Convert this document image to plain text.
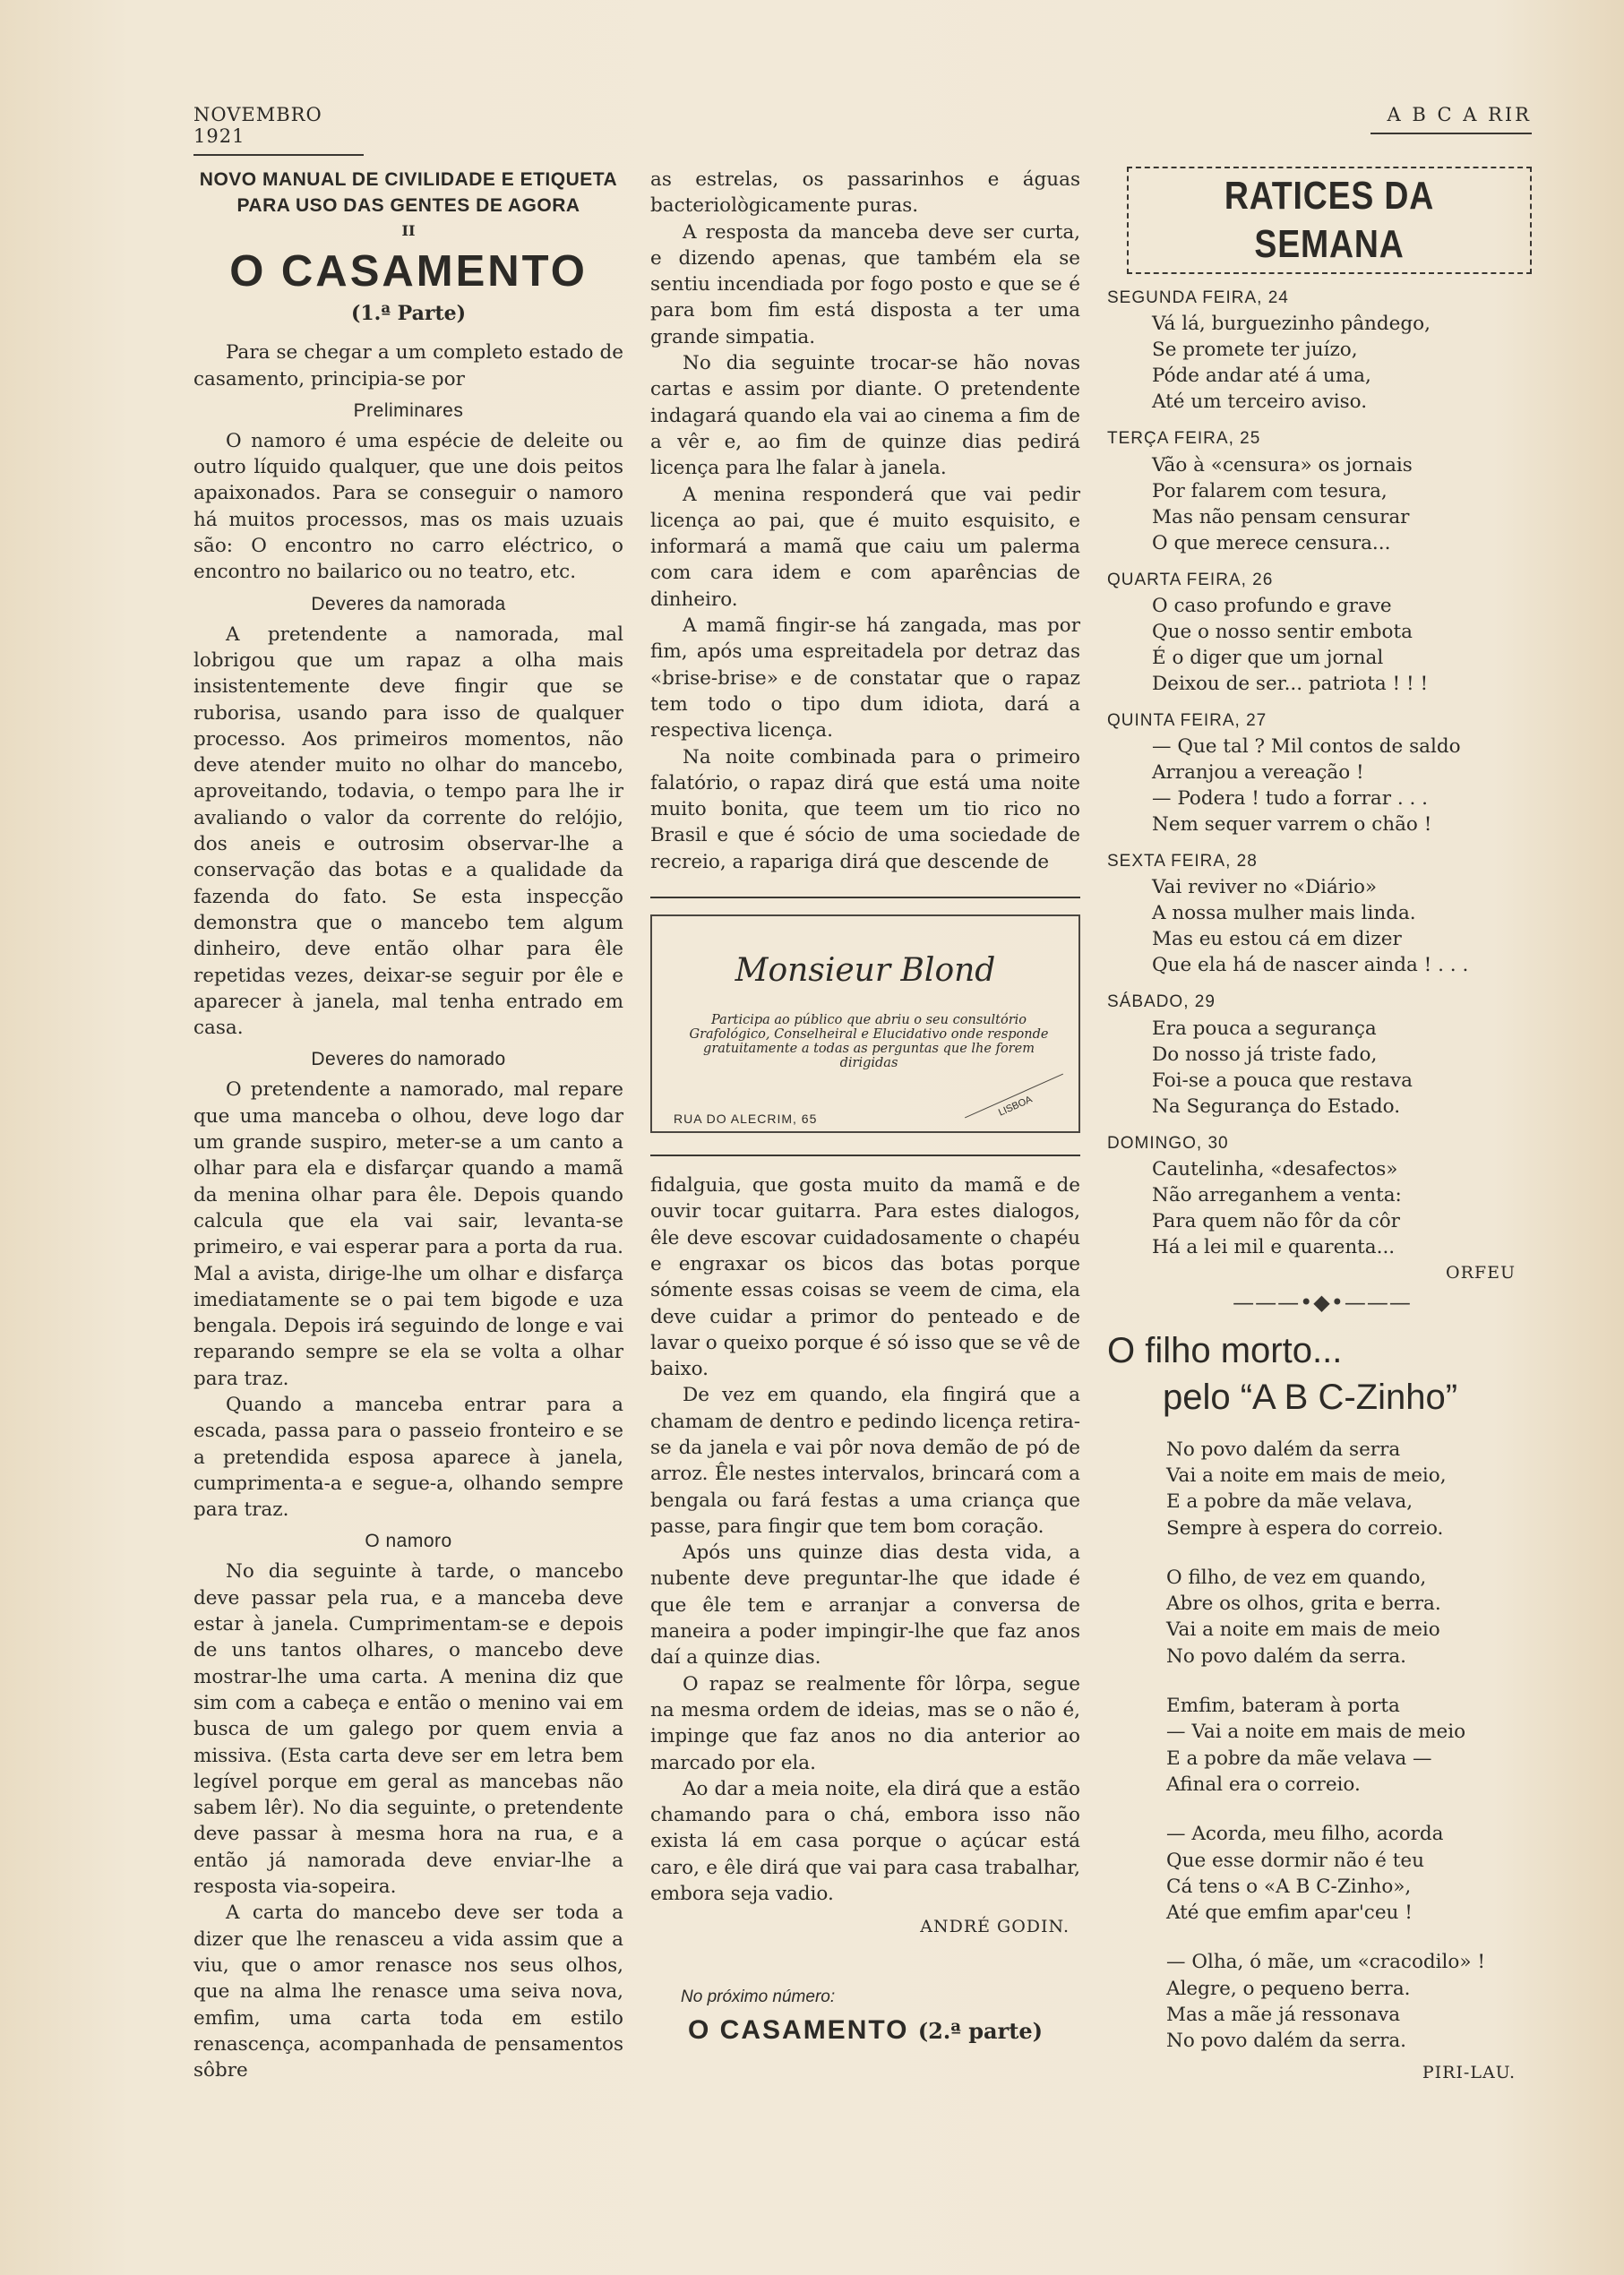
NOVEMBRO 1921
A B C A RIR
NOVO MANUAL DE CIVILIDADE E ETIQUETA
PARA USO DAS GENTES DE AGORA
II
O CASAMENTO
(1.ª Parte)

Para se chegar a um completo estado de casamento, principia-se por

Preliminares

O namoro é uma espécie de deleite ou outro líquido qualquer, que une dois peitos apaixonados. Para se conseguir o namoro há muitos processos, mas os mais uzuais são: O encontro no carro eléctrico, o encontro no bailarico ou no teatro, etc.

Deveres da namorada

A pretendente a namorada, mal lobrigou que um rapaz a olha mais insistentemente deve fingir que se ruborisa, usando para isso de qualquer processo. Aos primeiros momentos, não deve atender muito no olhar do mancebo, aproveitando, todavia, o tempo para lhe ir avaliando o valor da corrente do relójio, dos aneis e outrosim observar-lhe a conservação das botas e a qualidade da fazenda do fato. Se esta inspecção demonstra que o mancebo tem algum dinheiro, deve então olhar para êle repetidas vezes, deixar-se seguir por êle e aparecer à janela, mal tenha entrado em casa.

Deveres do namorado

O pretendente a namorado, mal repare que uma manceba o olhou, deve logo dar um grande suspiro, meter-se a um canto a olhar para ela e disfarçar quando a mamã da menina olhar para êle. Depois quando calcula que ela vai sair, levanta-se primeiro, e vai esperar para a porta da rua. Mal a avista, dirige-lhe um olhar e disfarça imediatamente se o pai tem bigode e uza bengala. Depois irá seguindo de longe e vai reparando sempre se ela se volta a olhar para traz.

Quando a manceba entrar para a escada, passa para o passeio fronteiro e se a pretendida esposa aparece à janela, cumprimenta-a e segue-a, olhando sempre para traz.

O namoro

No dia seguinte à tarde, o mancebo deve passar pela rua, e a manceba deve estar à janela. Cumprimentam-se e depois de uns tantos olhares, o mancebo deve mostrar-lhe uma carta. A menina diz que sim com a cabeça e então o menino vai em busca de um galego por quem envia a missiva. (Esta carta deve ser em letra bem legível porque em geral as mancebas não sabem lêr). No dia seguinte, o pretendente deve passar à mesma hora na rua, e a então já namorada deve enviar-lhe a resposta via-sopeira.

A carta do mancebo deve ser toda a dizer que lhe renasceu a vida assim que a viu, que o amor renasce nos seus olhos, que na alma lhe renasce uma seiva nova, emfim, uma carta toda em estilo renascença, acompanhada de pensamentos sôbre

as estrelas, os passarinhos e águas bacteriològicamente puras.

A resposta da manceba deve ser curta, e dizendo apenas, que também ela se sentiu incendiada por fogo posto e que se é para bom fim está disposta a ter uma grande simpatia.

No dia seguinte trocar-se hão novas cartas e assim por diante. O pretendente indagará quando ela vai ao cinema a fim de a vêr e, ao fim de quinze dias pedirá licença para lhe falar à janela.

A menina responderá que vai pedir licença ao pai, que é muito esquisito, e informará a mamã que caiu um palerma com cara idem e com aparências de dinheiro.

A mamã fingir-se há zangada, mas por fim, após uma espreitadela por detraz das «brise-brise» e de constatar que o rapaz tem todo o tipo dum idiota, dará a respectiva licença.

Na noite combinada para o primeiro falatório, o rapaz dirá que está uma noite muito bonita, que teem um tio rico no Brasil e que é sócio de uma sociedade de recreio, a rapariga dirá que descende de

Monsieur Blond
Participa ao público que abriu o seu consultório Grafológico, Conselheiral e Elucidativo onde responde gratuitamente a todas as perguntas que lhe forem dirigidas
RUA DO ALECRIM, 65
LISBOA

fidalguia, que gosta muito da mamã e de ouvir tocar guitarra. Para estes dialogos, êle deve escovar cuidadosamente o chapéu e engraxar os bicos das botas porque sómente essas coisas se veem de cima, ela deve cuidar a primor do penteado e de lavar o queixo porque é só isso que se vê de baixo.

De vez em quando, ela fingirá que a chamam de dentro e pedindo licença retira-se da janela e vai pôr nova demão de pó de arroz. Êle nestes intervalos, brincará com a bengala ou fará festas a uma criança que passe, para fingir que tem bom coração.

Após uns quinze dias desta vida, a nubente deve preguntar-lhe que idade é que êle tem e arranjar a conversa de maneira a poder impingir-lhe que faz anos daí a quinze dias.

O rapaz se realmente fôr lôrpa, segue na mesma ordem de ideias, mas se o não é, impinge que faz anos no dia anterior ao marcado por ela.

Ao dar a meia noite, ela dirá que a estão chamando para o chá, embora isso não exista lá em casa porque o açúcar está caro, e êle dirá que vai para casa trabalhar, embora seja vadio.

ANDRÉ GODIN.
No próximo número:
O CASAMENTO (2.ª parte)
RATICES DA SEMANA
SEGUNDA FEIRA, 24
Vá lá, burguezinho pândego,
Se promete ter juízo,
Póde andar até á uma,
Até um terceiro aviso.
TERÇA FEIRA, 25
Vão à «censura» os jornais
Por falarem com tesura,
Mas não pensam censurar
O que merece censura...
QUARTA FEIRA, 26
O caso profundo e grave
Que o nosso sentir embota
É o diger que um jornal
Deixou de ser... patriota ! ! !
QUINTA FEIRA, 27
— Que tal ? Mil contos de saldo
Arranjou a vereação !
— Podera ! tudo a forrar . . .
Nem sequer varrem o chão !
SEXTA FEIRA, 28
Vai reviver no «Diário»
A nossa mulher mais linda.
Mas eu estou cá em dizer
Que ela há de nascer ainda ! . . .
SÁBADO, 29
Era pouca a segurança
Do nosso já triste fado,
Foi-se a pouca que restava
Na Segurança do Estado.
DOMINGO, 30
Cautelinha, «desafectos»
Não arreganhem a venta:
Para quem não fôr da côr
Há a lei mil e quarenta...
ORFEU
———•◆•———
O filho morto...
pelo “A B C-Zinho”
No povo dalém da serra
Vai a noite em mais de meio,
E a pobre da mãe velava,
Sempre à espera do correio.
O filho, de vez em quando,
Abre os olhos, grita e berra.
Vai a noite em mais de meio
No povo dalém da serra.
Emfim, bateram à porta
— Vai a noite em mais de meio
E a pobre da mãe velava —
Afinal era o correio.
— Acorda, meu filho, acorda
Que esse dormir não é teu
Cá tens o «A B C-Zinho»,
Até que emfim apar'ceu !
— Olha, ó mãe, um «cracodilo» !
Alegre, o pequeno berra.
Mas a mãe já ressonava
No povo dalém da serra.
PIRI-LAU.
